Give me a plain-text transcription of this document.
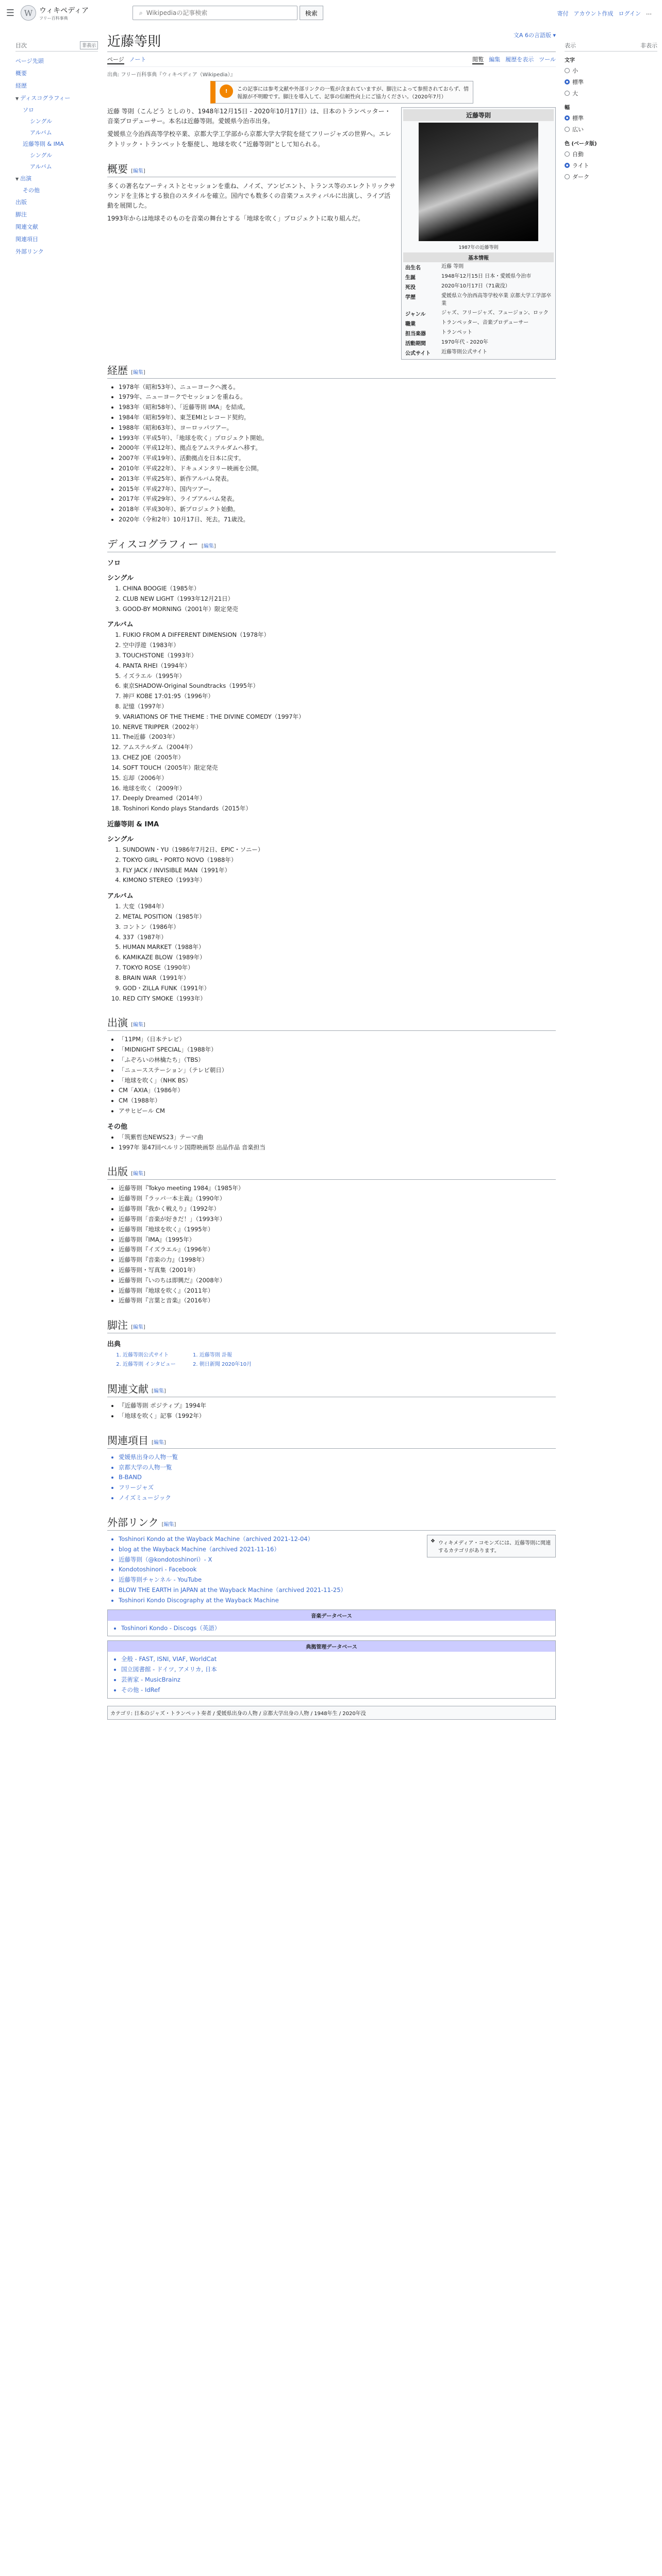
☰	W ウィキペディア
フリー百科事典
⌕
Wikipediaの記事検索	検索	寄付 アカウント作成 ログイン …
目次	非表示
ページ先頭
概要
経歴
▼ ディスコグラフィー
ソロ
シングル
アルバム
近藤等則 & IMA
シングル
アルバム
▼ 出演
その他
出版
脚注
関連文献
関連項目
外部リンク
文A 6の言語版 ▾
近藤等則
ページ ノート	閲覧 編集 履歴を表示 ツール
出典: フリー百科事典『ウィキペディア（Wikipedia）』
!	この記事には参考文献や外部リンクの一覧が含まれていますが、脚注によって参照されておらず、情報源が不明瞭です。脚注を導入して、記事の信頼性向上にご協力ください。（2020年7月）
近藤等則
1987年の近藤等則
基本情報
出生名	近藤 等則
生誕	1948年12月15日 日本・愛媛県今治市
死没	2020年10月17日（71歳没）
学歴	愛媛県立今治西高等学校卒業 京都大学工学部卒業
ジャンル	ジャズ、フリージャズ、フュージョン、ロック
職業	トランペッター、音楽プロデューサー
担当楽器	トランペット
活動期間	1970年代 - 2020年
公式サイト	近藤等則公式サイト

近藤 等則（こんどう としのり、1948年12月15日 - 2020年10月17日）は、日本のトランペッター・音楽プロデューサー。本名は近藤等則。愛媛県今治市出身。

愛媛県立今治西高等学校卒業、京都大学工学部から京都大学大学院を経てフリージャズの世界へ。エレクトリック・トランペットを駆使し、地球を吹く“近藤等則”として知られる。

概要 [編集]

多くの著名なアーティストとセッションを重ね、ノイズ、アンビエント、トランス等のエレクトリックサウンドを主体とする独自のスタイルを確立。国内でも数多くの音楽フェスティバルに出演し、ライブ活動を展開した。

1993年からは地球そのものを音楽の舞台とする「地球を吹く」プロジェクトに取り組んだ。

経歴 [編集]
• 1978年（昭和53年）、ニューヨークへ渡る。
• 1979年、ニューヨークでセッションを重ねる。
• 1983年（昭和58年）、「近藤等則 IMA」を結成。
• 1984年（昭和59年）、東芝EMIとレコード契約。
• 1988年（昭和63年）、ヨーロッパツアー。
• 1993年（平成5年）、「地球を吹く」プロジェクト開始。
• 2000年（平成12年）、拠点をアムステルダムへ移す。
• 2007年（平成19年）、活動拠点を日本に戻す。
• 2010年（平成22年）、ドキュメンタリー映画を公開。
• 2013年（平成25年）、新作アルバム発表。
• 2015年（平成27年）、国内ツアー。
• 2017年（平成29年）、ライブアルバム発表。
• 2018年（平成30年）、新プロジェクト始動。
• 2020年（令和2年）10月17日、死去。71歳没。
ディスコグラフィー [編集]
ソロ
シングル
1. CHINA BOOGIE（1985年）
2. CLUB NEW LIGHT（1993年12月21日）
3. GOOD-BY MORNING（2001年）限定発売
アルバム
1. FUKIO FROM A DIFFERENT DIMENSION（1978年）
2. 空中浮遊（1983年）
3. TOUCHSTONE（1993年）
4. PANTA RHEI（1994年）
5. イズラエル（1995年）
6. 東京SHADOW-Original Soundtracks（1995年）
7. 神戸 KOBE 17:01:95（1996年）
8. 記憶（1997年）
9. VARIATIONS OF THE THEME : THE DIVINE COMEDY（1997年）
10. NERVE TRIPPER（2002年）
11. The近藤（2003年）
12. アムステルダム（2004年）
13. CHEZ JOE（2005年）
14. SOFT TOUCH（2005年）限定発売
15. 忘却（2006年）
16. 地球を吹く（2009年）
17. Deeply Dreamed（2014年）
18. Toshinori Kondo plays Standards（2015年）
近藤等則 & IMA
シングル
1. SUNDOWN・YU（1986年7月2日、EPIC・ソニー）
2. TOKYO GIRL・PORTO NOVO（1988年）
3. FLY JACK / INVISIBLE MAN（1991年）
4. KIMONO STEREO（1993年）
アルバム
1. 大変（1984年）
2. METAL POSITION（1985年）
3. コントン（1986年）
4. 337（1987年）
5. HUMAN MARKET（1988年）
6. KAMIKAZE BLOW（1989年）
7. TOKYO ROSE（1990年）
8. BRAIN WAR（1991年）
9. GOD・ZILLA FUNK（1991年）
10. RED CITY SMOKE（1993年）
出演 [編集]
• 「11PM」（日本テレビ）
• 「MIDNIGHT SPECIAL」（1988年）
• 「ふぞろいの林檎たち」（TBS）
• 「ニュースステーション」（テレビ朝日）
• 「地球を吹く」（NHK BS）
• CM「AXIA」（1986年）
• CM（1988年）
• アサヒビール CM
その他
• 「筑紫哲也NEWS23」テーマ曲
• 1997年 第47回ベルリン国際映画祭 出品作品 音楽担当
出版 [編集]
• 近藤等則『Tokyo meeting 1984』（1985年）
• 近藤等則『ラッパ一本主義』（1990年）
• 近藤等則『我かく戦えり』（1992年）
• 近藤等則「音楽が好きだ！」（1993年）
• 近藤等則『地球を吹く』（1995年）
• 近藤等則『IMA』（1995年）
• 近藤等則『イズラエル』（1996年）
• 近藤等則『音楽の力』（1998年）
• 近藤等則・写真集（2001年）
• 近藤等則『いのちは即興だ』（2008年）
• 近藤等則『地球を吹く』（2011年）
• 近藤等則『言葉と音楽』（2016年）
脚注 [編集]
出典
1. 近藤等則公式サイト
2. 近藤等則 インタビュー
1. 近藤等則 訃報
2. 朝日新聞 2020年10月
関連文献 [編集]
• 『近藤等則 ポジティブ』1994年
• 「地球を吹く」記事（1992年）
関連項目 [編集]
• 愛媛県出身の人物一覧
• 京都大学の人物一覧
• B-BAND
• フリージャズ
• ノイズミュージック
外部リンク [編集]
❖ ウィキメディア・コモンズには、近藤等則に関連するカテゴリがあります。
• Toshinori Kondo at the Wayback Machine（archived 2021-12-04）
• blog at the Wayback Machine（archived 2021-11-16）
• 近藤等則（@kondotoshinori）- X
• Kondotoshinori - Facebook
• 近藤等則チャンネル - YouTube
• BLOW THE EARTH in JAPAN at the Wayback Machine（archived 2021-11-25）
• Toshinori Kondo Discography at the Wayback Machine
音楽データベース
• Toshinori Kondo - Discogs（英語）
典拠管理データベース
• 全般 - FAST, ISNI, VIAF, WorldCat
• 国立図書館 - ドイツ, アメリカ, 日本
• 芸術家 - MusicBrainz
• その他 - IdRef
カテゴリ: 日本のジャズ・トランペット奏者 / 愛媛県出身の人物 / 京都大学出身の人物 / 1948年生 / 2020年没
表示	非表示
文字
小
標準
大
幅
標準
広い
色 (ベータ版)
自動
ライト
ダーク
